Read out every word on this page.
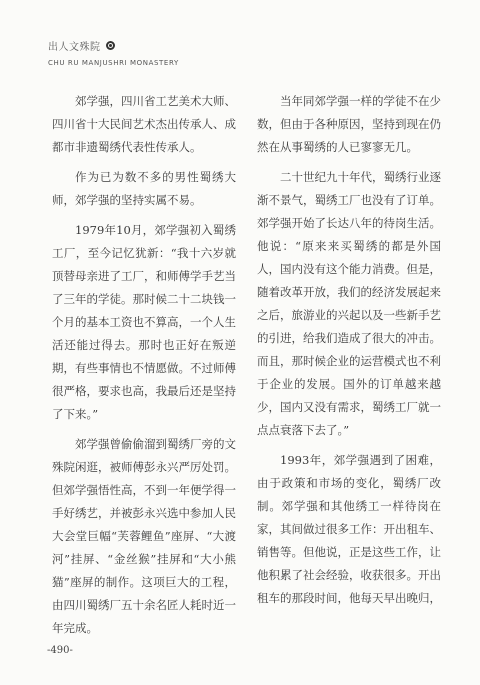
出人文殊院
CHU RU MANJUSHRI MONASTERY

郊学强，四川省工艺美术大师、四川省十大民间艺术杰出传承人、成都市非遗蜀绣代表性传承人。

作为已为数不多的男性蜀绣大师，郊学强的坚持实属不易。

1979年10月，郊学强初入蜀绣工厂，至今记忆犹新：“我十六岁就顶替母亲进了工厂，和师傅学手艺当了三年的学徒。那时候二十二块钱一个月的基本工资也不算高，一个人生活还能过得去。那时也正好在叛逆期，有些事情也不情愿做。不过师傅很严格，要求也高，我最后还是坚持了下来。”

郊学强曾偷偷溜到蜀绣厂旁的文殊院闲逛，被师傅彭永兴严厉处罚。但郊学强悟性高，不到一年便学得一手好绣艺，并被彭永兴选中参加人民大会堂巨幅“芙蓉鲤鱼”座屏、“大渡河”挂屏、“金丝猴”挂屏和“大小熊猫”座屏的制作。这项巨大的工程，由四川蜀绣厂五十余名匠人耗时近一年完成。

当年同郊学强一样的学徒不在少数，但由于各种原因，坚持到现在仍然在从事蜀绣的人已寥寥无几。

二十世纪九十年代，蜀绣行业逐渐不景气，蜀绣工厂也没有了订单。郊学强开始了长达八年的待岗生活。他说：“原来来买蜀绣的都是外国人，国内没有这个能力消费。但是，随着改革开放，我们的经济发展起来之后，旅游业的兴起以及一些新手艺的引进，给我们造成了很大的冲击。而且，那时候企业的运营模式也不利于企业的发展。国外的订单越来越少，国内又没有需求，蜀绣工厂就一点点衰落下去了。”

1993年，郊学强遇到了困难，由于政策和市场的变化，蜀绣厂改制。郊学强和其他绣工一样待岗在家，其间做过很多工作：开出租车、销售等。但他说，正是这些工作，让他积累了社会经验，收获很多。开出租车的那段时间，他每天早出晚归，

-490-
